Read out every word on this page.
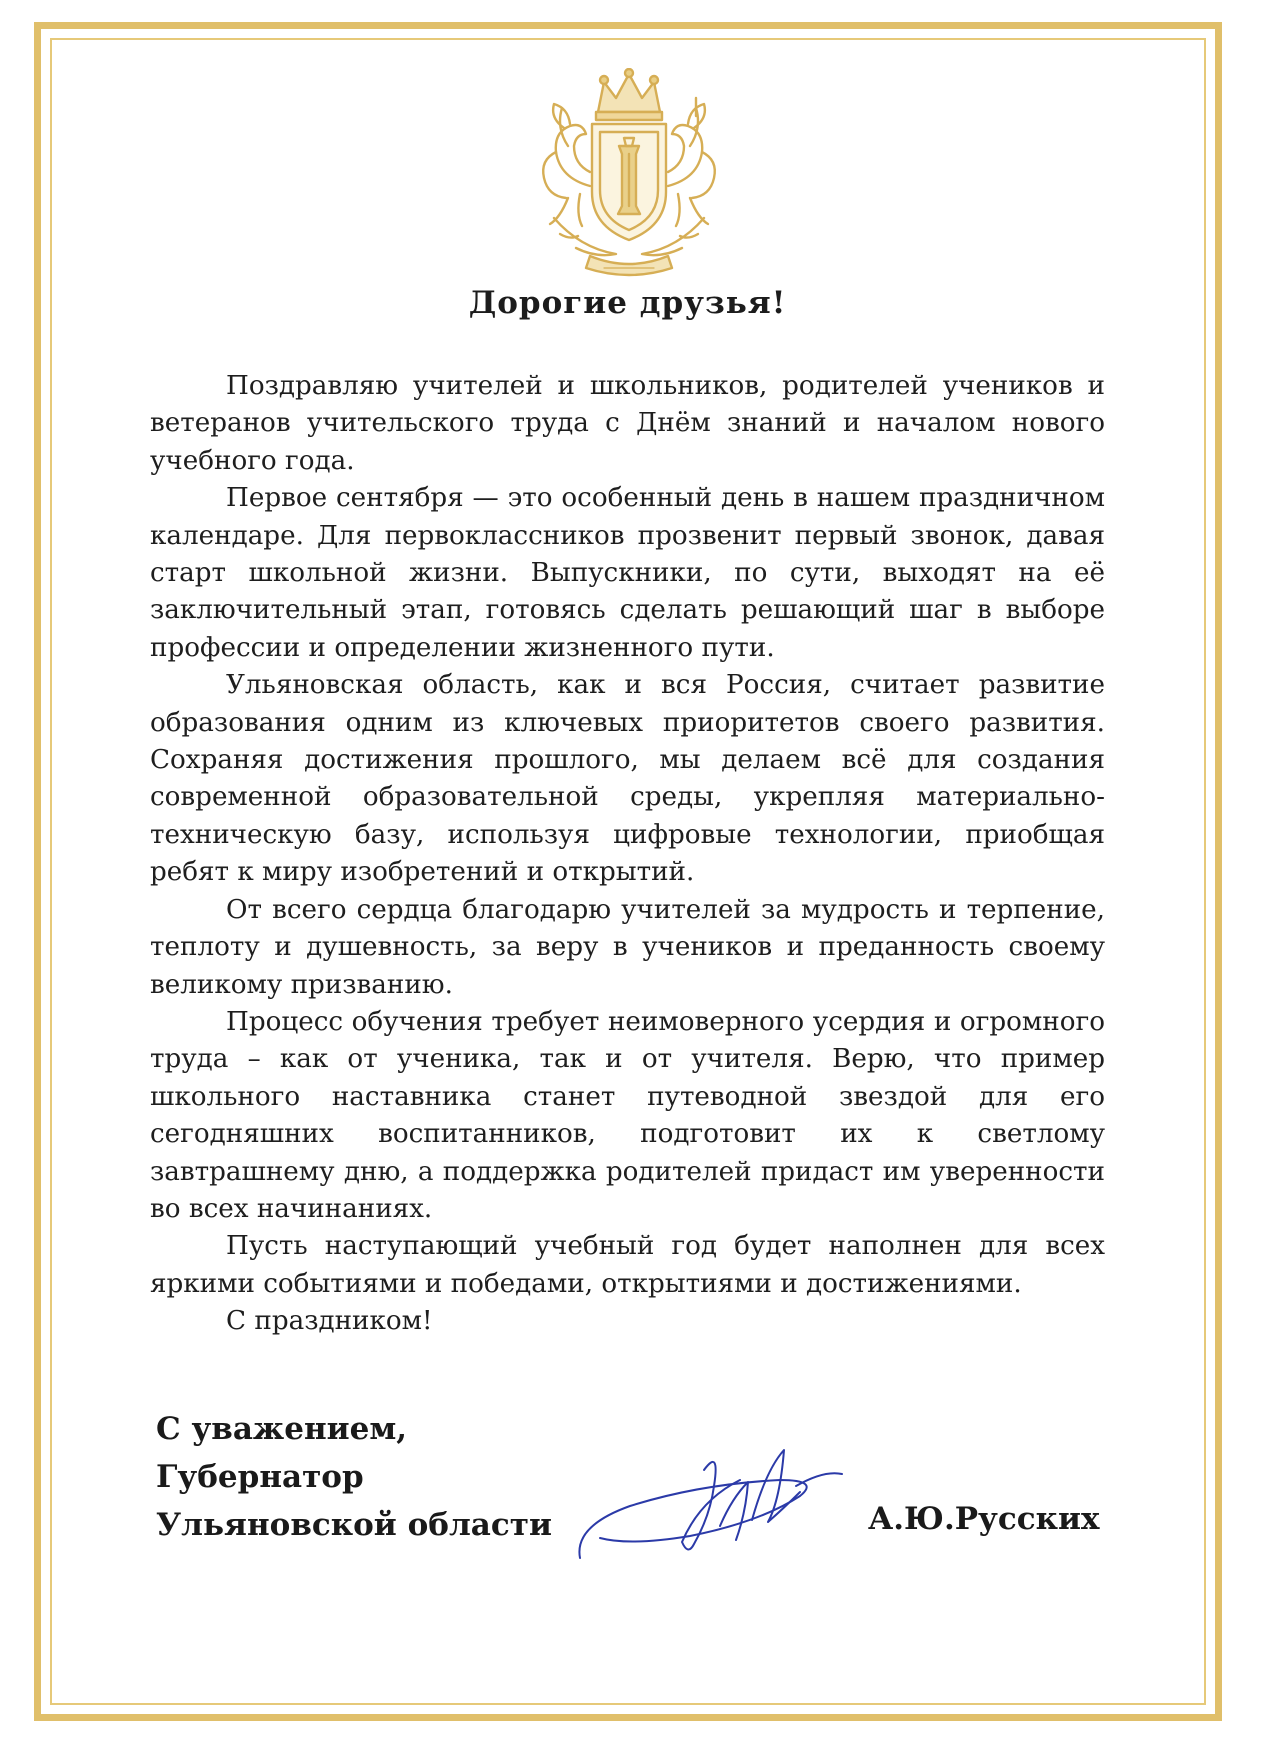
Дорогие друзья!

Поздравляю учителей и школьников, родителей учеников и ветеранов учительского труда с Днём знаний и началом нового учебного года.

Первое сентября — это особенный день в нашем праздничном календаре. Для первоклассников прозвенит первый звонок, давая старт школьной жизни. Выпускники, по сути, выходят на её заключительный этап, готовясь сделать решающий шаг в выборе профессии и определении жизненного пути.

Ульяновская область, как и вся Россия, считает развитие образования одним из ключевых приоритетов своего развития. Сохраняя достижения прошлого, мы делаем всё для создания современной образовательной среды, укрепляя материально-техническую базу, используя цифровые технологии, приобщая ребят к миру изобретений и открытий.

От всего сердца благодарю учителей за мудрость и терпение, теплоту и душевность, за веру в учеников и преданность своему великому призванию.

Процесс обучения требует неимоверного усердия и огромного труда – как от ученика, так и от учителя. Верю, что пример школьного наставника станет путеводной звездой для его сегодняшних воспитанников, подготовит их к светлому завтрашнему дню, а поддержка родителей придаст им уверенности во всех начинаниях.

Пусть наступающий учебный год будет наполнен для всех яркими событиями и победами, открытиями и достижениями.

С праздником!

С уважением,
Губернатор
Ульяновской области	А.Ю.Русских
